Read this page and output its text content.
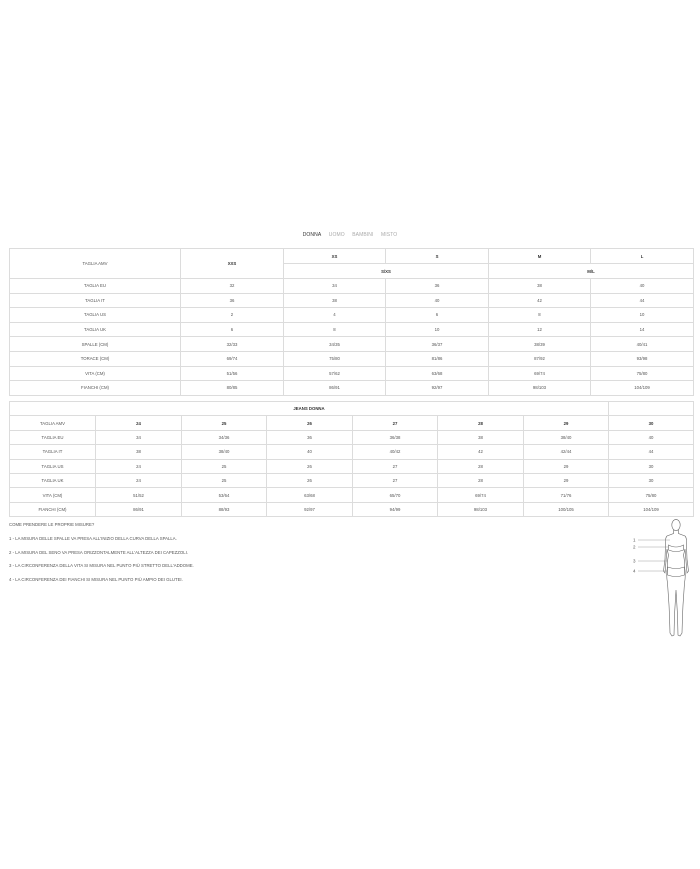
DONNA UOMO BAMBINI MISTO
TAGLIA AMV	XXS	XS	S	M	L
		S/XS		M/L	
TAGLIA EU	32	34	36	38	40
TAGLIA IT	36	38	40	42	44
TAGLIA US	2	4	6	8	10
TAGLIA UK	6	8	10	12	14
SPALLE (CM)	32/33	34/35	36/37	38/39	40/41
TORACE (CM)	69/74	75/80	81/86	87/92	93/98
VITA (CM)	51/56	57/62	63/68	69/74	75/80
FIANCHI (CM)	80/85	86/91	92/97	98/103	104/109
JEANS DONNA							
TAGLIA AMV	24	25	26	27	28	29	30
TAGLIA EU	34	34/36	36	36/38	38	38/40	40
TAGLIA IT	38	38/40	40	40/42	42	42/44	44
TAGLIA US	24	25	26	27	28	29	30
TAGLIA UK	24	25	26	27	28	29	30
VITA (CM)	51/52	53/64	63/68	65/70	69/74	71/76	75/80
FIANCHI (CM)	86/91	88/93	92/97	94/99	98/103	100/105	104/109

COME PRENDERE LE PROPRIE MISURE?

1 - LA MISURA DELLE SPALLE VA PRESA ALL'INIZIO DELLA CURVA DELLA SPALLA.

2 - LA MISURA DEL SENO VA PRESA ORIZZONTALMENTE ALL'ALTEZZA DEI CAPEZZOLI.

3 - LA CIRCONFERENZA DELLA VITA SI MISURA NEL PUNTO PIÙ STRETTO DELL'ADDOME.

4 - LA CIRCONFERENZA DEI FIANCHI SI MISURA NEL PUNTO PIÙ AMPIO DEI GLUTEI.

1
2
3
4
